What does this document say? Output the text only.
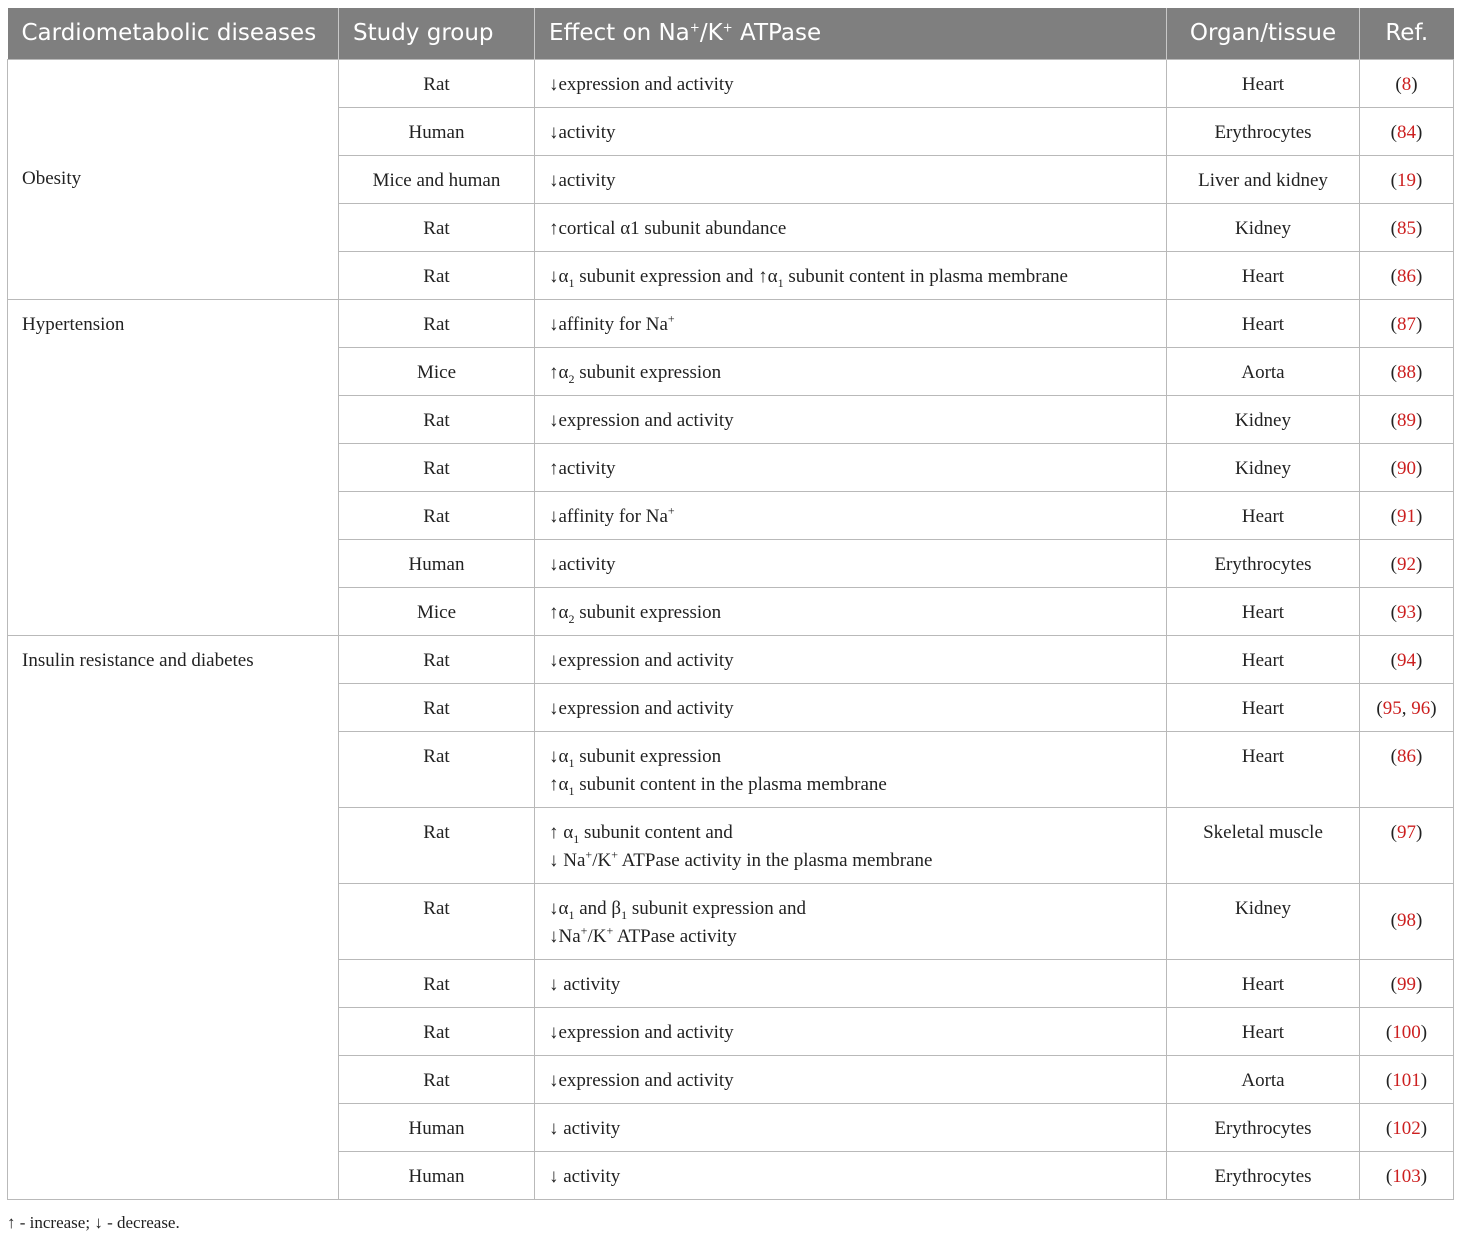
Cardiometabolic diseases	Study group	Effect on Na+/K+ ATPase	Organ/tissue	Ref.
Obesity	Rat	↓expression and activity	Heart	(8)
	Human	↓activity	Erythrocytes	(84)
	Mice and human	↓activity	Liver and kidney	(19)
	Rat	↑cortical α1 subunit abundance	Kidney	(85)
	Rat	$↓\alpha_1$ subunit expression and $↑\alpha_1$ subunit content in plasma membrane	Heart	(86)
Hypertension	Rat	↓affinity for Na+	Heart	(87)
	Mice	$↑\alpha_2$ subunit expression	Aorta	(88)
	Rat	↓expression and activity	Kidney	(89)
	Rat	↑activity	Kidney	(90)
	Rat	↓affinity for Na+	Heart	(91)
	Human	↓activity	Erythrocytes	(92)
	Mice	$↑\alpha_2$ subunit expression	Heart	(93)
Insulin resistance and diabetes	Rat	↓expression and activity	Heart	(94)
	Rat	↓expression and activity	Heart	(95, 96)
	Rat	$↓\alpha_1$ subunit expression
$↑\alpha_1$ subunit content in the plasma membrane	Heart	(86)
	Rat	↑ $\alpha_1$ subunit content and
↓ Na+/K+ ATPase activity in the plasma membrane	Skeletal muscle	(97)
	Rat	$↓\alpha_1$ and $\beta_1$ subunit expression and
↓Na+/K+ ATPase activity	Kidney	(98)
	Rat	↓ activity	Heart	(99)
	Rat	↓expression and activity	Heart	(100)
	Rat	↓expression and activity	Aorta	(101)
	Human	↓ activity	Erythrocytes	(102)
	Human	↓ activity	Erythrocytes	(103)
↑ - increase; ↓ - decrease.
